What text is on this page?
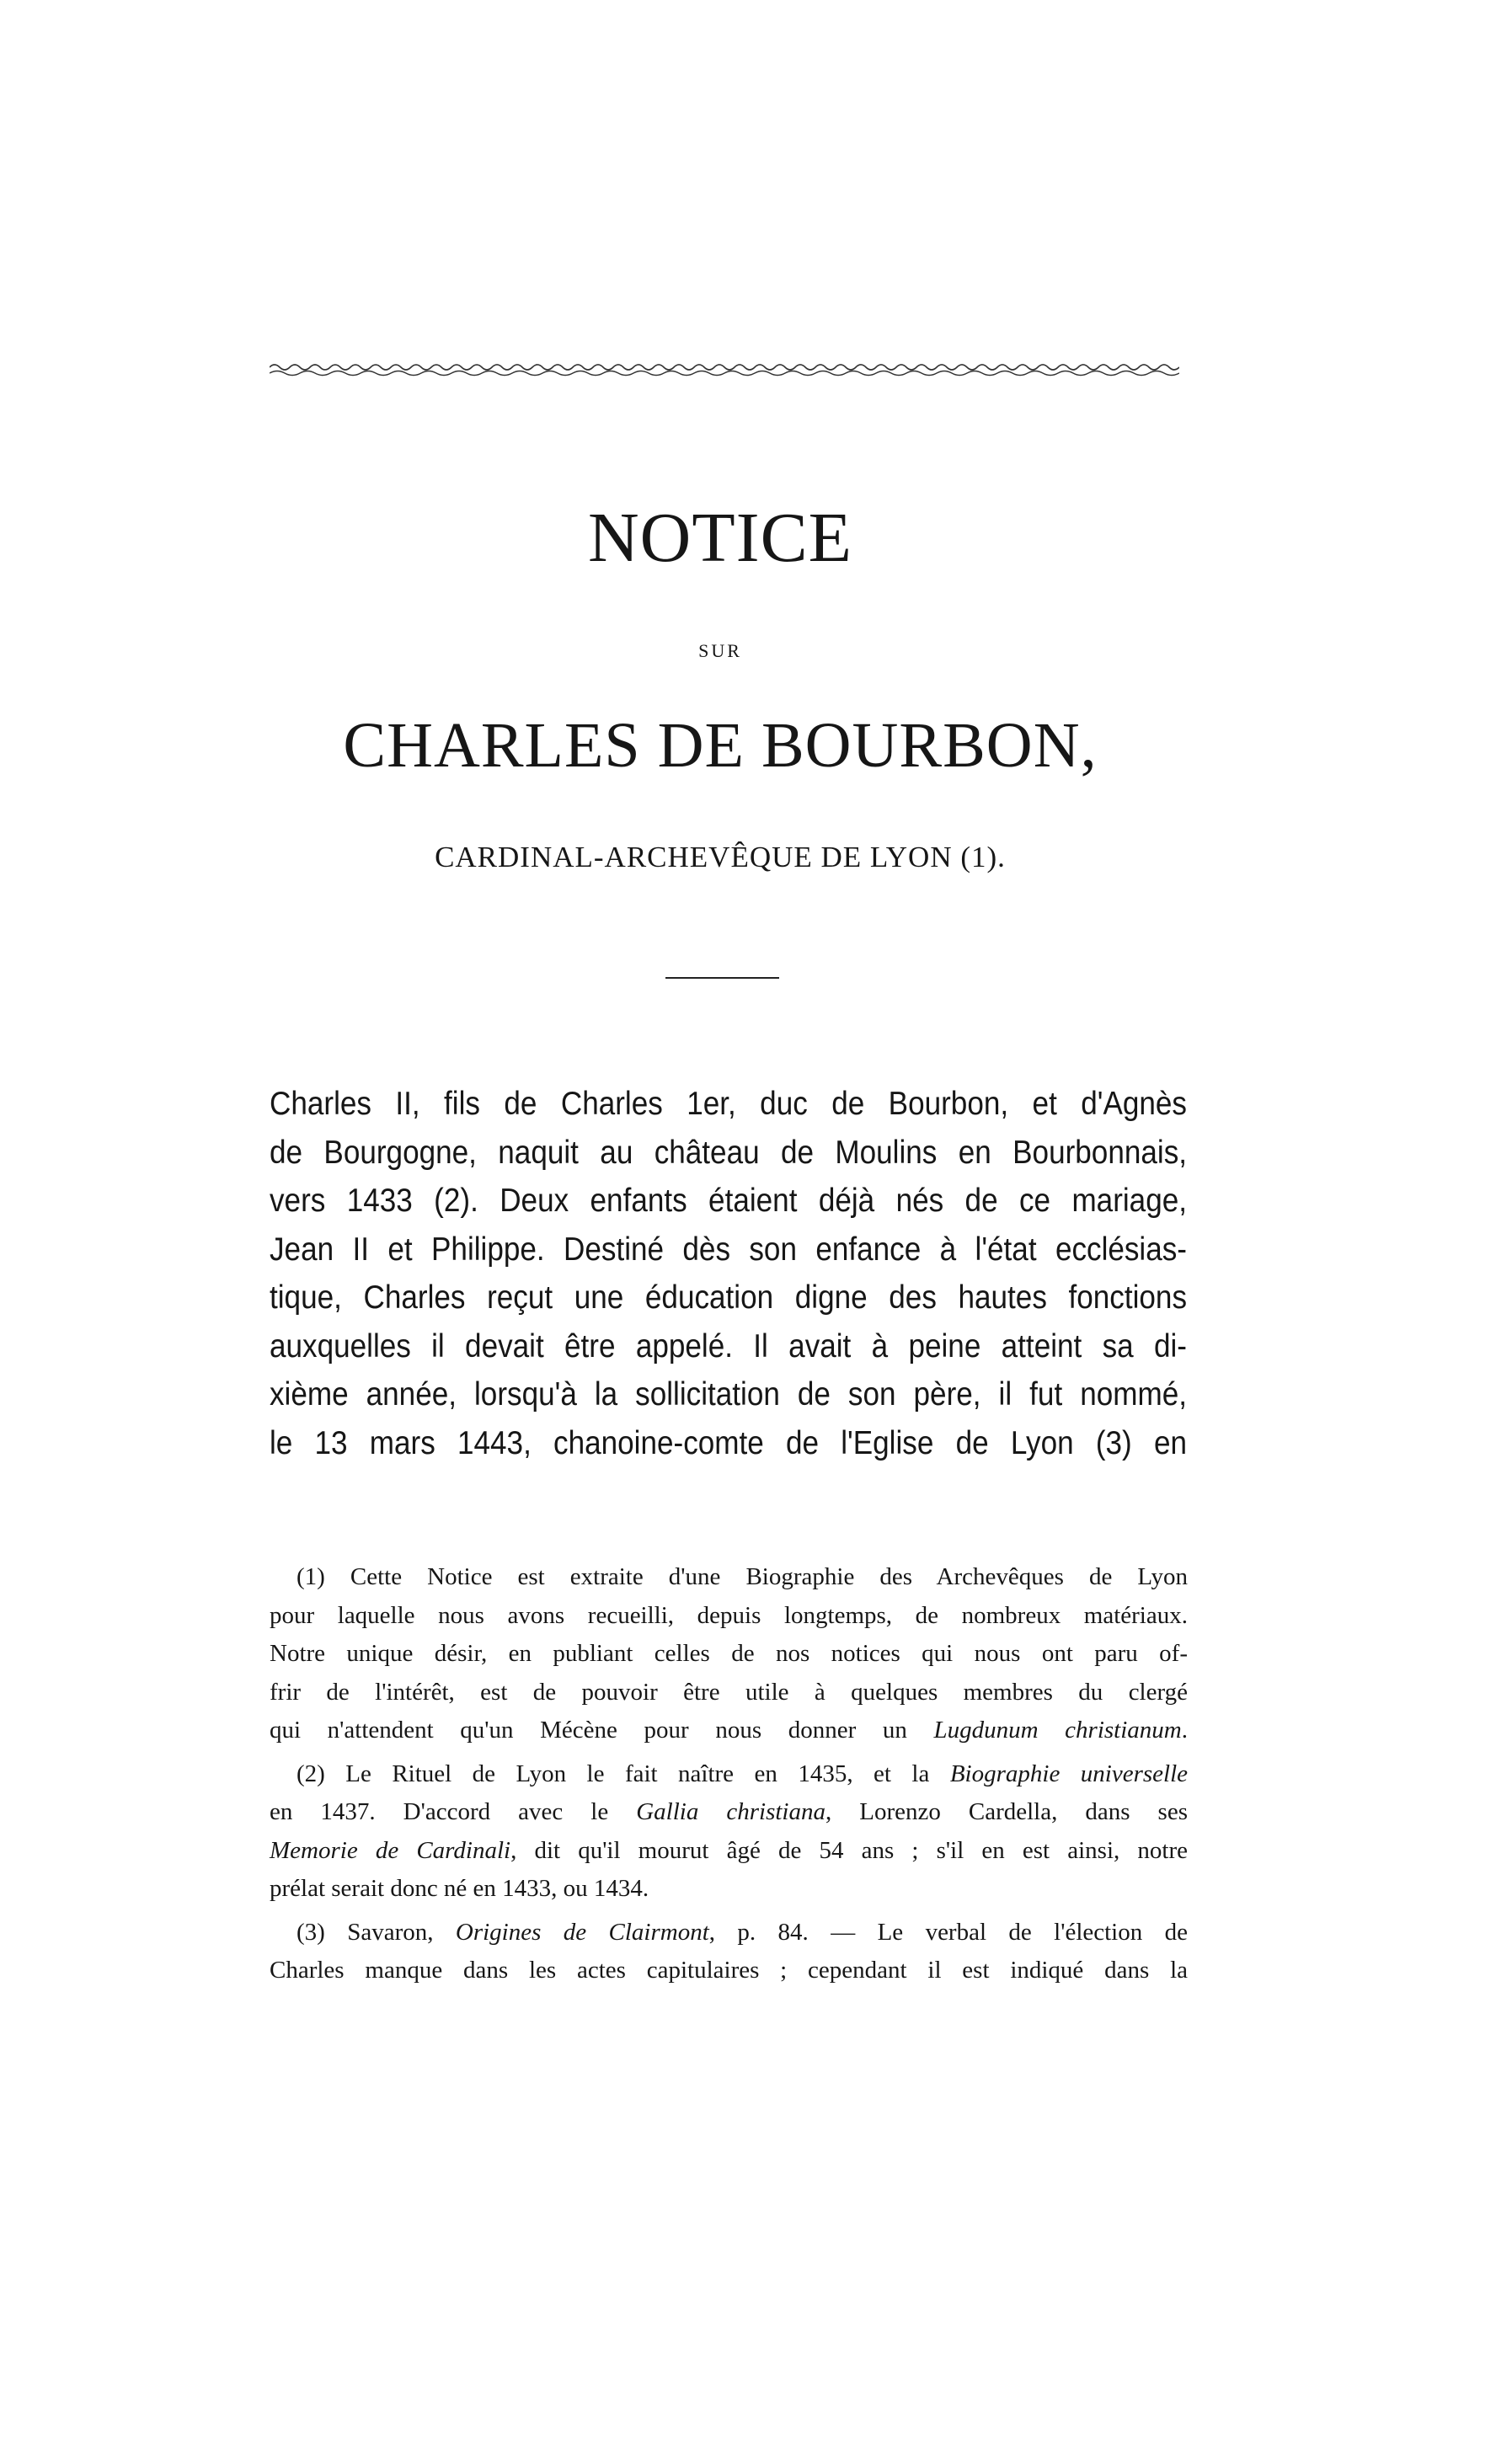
NOTICE
SUR
CHARLES DE BOURBON,
CARDINAL-ARCHEVÊQUE DE LYON (1).
Charles II, fils de Charles 1er, duc de Bourbon, et d'Agnès
de Bourgogne, naquit au château de Moulins en Bourbonnais,
vers 1433 (2). Deux enfants étaient déjà nés de ce mariage,
Jean II et Philippe. Destiné dès son enfance à l'état ecclésias-
tique, Charles reçut une éducation digne des hautes fonctions
auxquelles il devait être appelé. Il avait à peine atteint sa di-
xième année, lorsqu'à la sollicitation de son père, il fut nommé,
le 13 mars 1443, chanoine-comte de l'Eglise de Lyon (3) en
(1) Cette Notice est extraite d'une Biographie des Archevêques de Lyon
pour laquelle nous avons recueilli, depuis longtemps, de nombreux matériaux.
Notre unique désir, en publiant celles de nos notices qui nous ont paru of-
frir de l'intérêt, est de pouvoir être utile à quelques membres du clergé
qui n'attendent qu'un Mécène pour nous donner un Lugdunum christianum.
(2) Le Rituel de Lyon le fait naître en 1435, et la Biographie universelle
en 1437. D'accord avec le Gallia christiana, Lorenzo Cardella, dans ses
Memorie de Cardinali, dit qu'il mourut âgé de 54 ans ; s'il en est ainsi, notre
prélat serait donc né en 1433, ou 1434.
(3) Savaron, Origines de Clairmont, p. 84. — Le verbal de l'élection de
Charles manque dans les actes capitulaires ; cependant il est indiqué dans la
